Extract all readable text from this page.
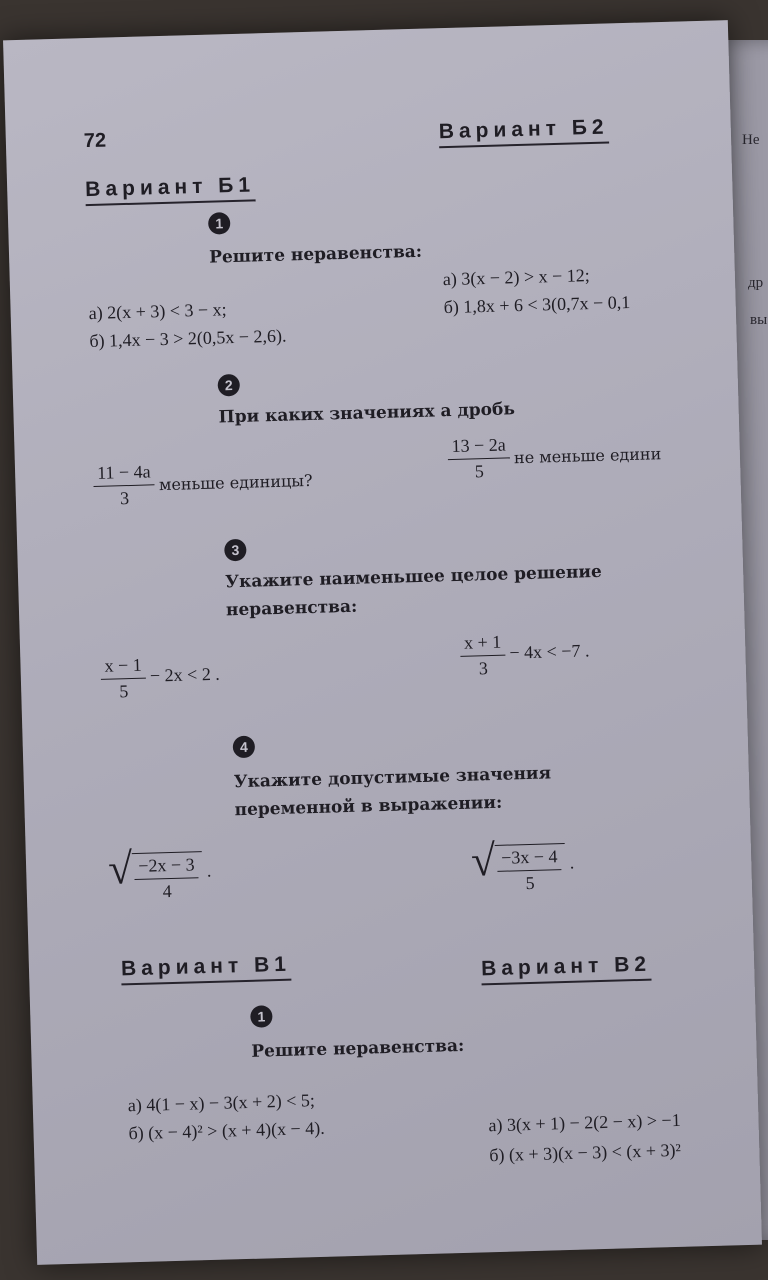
Не
др
вы
72
Вариант Б1
1
Решите неравенства:
а) 2(x + 3) < 3 − x;
б) 1,4x − 3 > 2(0,5x − 2,6).
2
При каких значениях a дробь
$\frac{11 - 4a}{3}$ меньше единицы?
3
Укажите наименьшее целое решение
неравенства:
$\frac{x - 1}{5} - 2x < 2$ .
4
Укажите допустимые значения
переменной в выражении:
√ $\frac{-2x - 3}{4}$ .
Вариант Б2
а) 3(x − 2) > x − 12;
б) 1,8x + 6 < 3(0,7x − 0,1
$\frac{13 - 2a}{5}$ не меньше едини
$\frac{x + 1}{3} - 4x < -7$ .
√ $\frac{-3x - 4}{5}$ .
Вариант В1
1
Решите неравенства:
а) 4(1 − x) − 3(x + 2) < 5;
б) (x − 4)² > (x + 4)(x − 4).
Вариант В2
а) 3(x + 1) − 2(2 − x) > −1
б) (x + 3)(x − 3) < (x + 3)²
